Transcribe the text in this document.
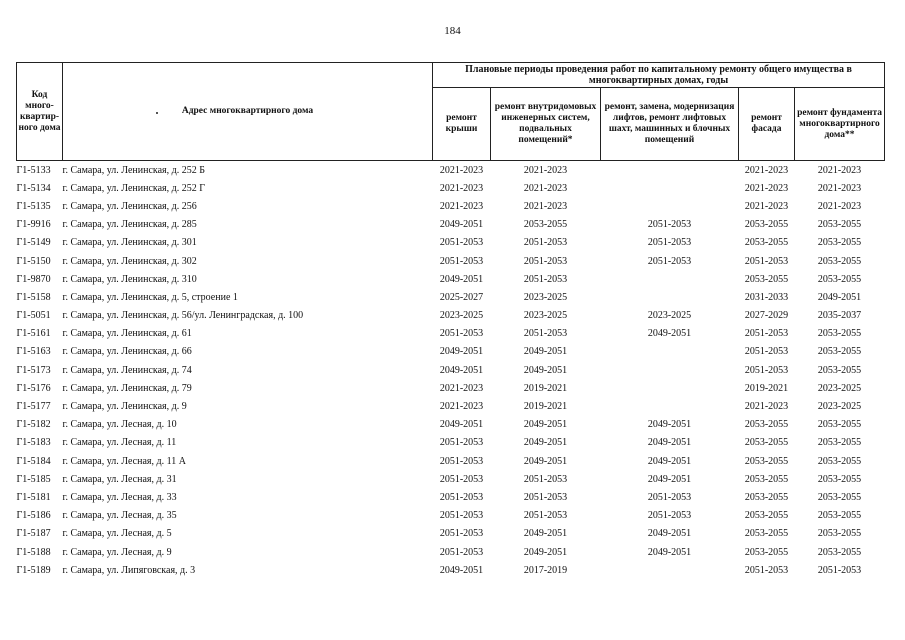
184
Код много-квартир-ного дома	Адрес многоквартирного дома	Плановые периоды проведения работ по капитальному ремонту общего имущества в многоквартирных домах, годы				
		ремонт крыши	ремонт внутридомовых инженерных систем, подвальных помещений*	ремонт, замена, модернизация лифтов, ремонт лифтовых шахт, машинных и блочных помещений	ремонт фасада	ремонт фундамента многоквартирного дома**
Г1-5133	г. Самара, ул. Ленинская, д. 252 Б	2021-2023	2021-2023		2021-2023	2021-2023
Г1-5134	г. Самара, ул. Ленинская, д. 252 Г	2021-2023	2021-2023		2021-2023	2021-2023
Г1-5135	г. Самара, ул. Ленинская, д. 256	2021-2023	2021-2023		2021-2023	2021-2023
Г1-9916	г. Самара, ул. Ленинская, д. 285	2049-2051	2053-2055	2051-2053	2053-2055	2053-2055
Г1-5149	г. Самара, ул. Ленинская, д. 301	2051-2053	2051-2053	2051-2053	2053-2055	2053-2055
Г1-5150	г. Самара, ул. Ленинская, д. 302	2051-2053	2051-2053	2051-2053	2051-2053	2053-2055
Г1-9870	г. Самара, ул. Ленинская, д. 310	2049-2051	2051-2053		2053-2055	2053-2055
Г1-5158	г. Самара, ул. Ленинская, д. 5, строение 1	2025-2027	2023-2025		2031-2033	2049-2051
Г1-5051	г. Самара, ул. Ленинская, д. 56/ул. Ленинградская, д. 100	2023-2025	2023-2025	2023-2025	2027-2029	2035-2037
Г1-5161	г. Самара, ул. Ленинская, д. 61	2051-2053	2051-2053	2049-2051	2051-2053	2053-2055
Г1-5163	г. Самара, ул. Ленинская, д. 66	2049-2051	2049-2051		2051-2053	2053-2055
Г1-5173	г. Самара, ул. Ленинская, д. 74	2049-2051	2049-2051		2051-2053	2053-2055
Г1-5176	г. Самара, ул. Ленинская, д. 79	2021-2023	2019-2021		2019-2021	2023-2025
Г1-5177	г. Самара, ул. Ленинская, д. 9	2021-2023	2019-2021		2021-2023	2023-2025
Г1-5182	г. Самара, ул. Лесная, д. 10	2049-2051	2049-2051	2049-2051	2053-2055	2053-2055
Г1-5183	г. Самара, ул. Лесная, д. 11	2051-2053	2049-2051	2049-2051	2053-2055	2053-2055
Г1-5184	г. Самара, ул. Лесная, д. 11 А	2051-2053	2049-2051	2049-2051	2053-2055	2053-2055
Г1-5185	г. Самара, ул. Лесная, д. 31	2051-2053	2051-2053	2049-2051	2053-2055	2053-2055
Г1-5181	г. Самара, ул. Лесная, д. 33	2051-2053	2051-2053	2051-2053	2053-2055	2053-2055
Г1-5186	г. Самара, ул. Лесная, д. 35	2051-2053	2051-2053	2051-2053	2053-2055	2053-2055
Г1-5187	г. Самара, ул. Лесная, д. 5	2051-2053	2049-2051	2049-2051	2053-2055	2053-2055
Г1-5188	г. Самара, ул. Лесная, д. 9	2051-2053	2049-2051	2049-2051	2053-2055	2053-2055
Г1-5189	г. Самара, ул. Липяговская, д. 3	2049-2051	2017-2019		2051-2053	2051-2053
